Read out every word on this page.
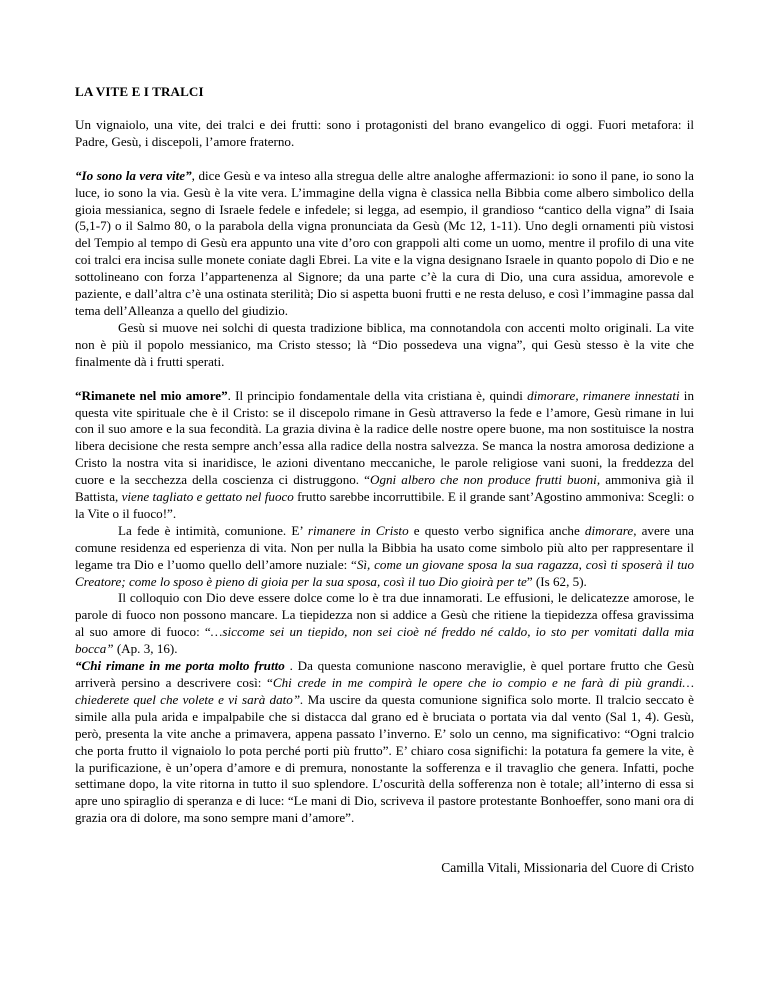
LA VITE E I TRALCI

Un vignaiolo, una vite, dei tralci e dei frutti: sono i protagonisti del brano evangelico di oggi. Fuori metafora: il Padre, Gesù, i discepoli, l’amore fraterno.

“Io sono la vera vite”, dice Gesù e va inteso alla stregua delle altre analoghe affermazioni: io sono il pane, io sono la luce, io sono la via. Gesù è la vite vera. L’immagine della vigna è classica nella Bibbia come albero simbolico della gioia messianica, segno di Israele fedele e infedele; si legga, ad esempio, il grandioso “cantico della vigna” di Isaia (5,1-7) o il Salmo 80, o la parabola della vigna pronunciata da Gesù (Mc 12, 1-11). Uno degli ornamenti più vistosi del Tempio al tempo di Gesù era appunto una vite d’oro con grappoli alti come un uomo, mentre il profilo di una vite coi tralci era incisa sulle monete coniate dagli Ebrei. La vite e la vigna designano Israele in quanto popolo di Dio e ne sottolineano con forza l’appartenenza al Signore; da una parte c’è la cura di Dio, una cura assidua, amorevole e paziente, e dall’altra c’è una ostinata sterilità; Dio si aspetta buoni frutti e ne resta deluso, e così l’immagine passa dal tema dell’Alleanza a quello del giudizio.

Gesù si muove nei solchi di questa tradizione biblica, ma connotandola con accenti molto originali. La vite non è più il popolo messianico, ma Cristo stesso; là “Dio possedeva una vigna”, qui Gesù stesso è la vite che finalmente dà i frutti sperati.

“Rimanete nel mio amore”. Il principio fondamentale della vita cristiana è, quindi dimorare, rimanere innestati in questa vite spirituale che è il Cristo: se il discepolo rimane in Gesù attraverso la fede e l’amore, Gesù rimane in lui con il suo amore e la sua fecondità. La grazia divina è la radice delle nostre opere buone, ma non sostituisce la nostra libera decisione che resta sempre anch’essa alla radice della nostra salvezza. Se manca la nostra amorosa dedizione a Cristo la nostra vita si inaridisce, le azioni diventano meccaniche, le parole religiose vani suoni, la freddezza del cuore e la secchezza della coscienza ci distruggono. “Ogni albero che non produce frutti buoni, ammoniva già il Battista, viene tagliato e gettato nel fuoco frutto sarebbe incorruttibile. E il grande sant’Agostino ammoniva: Scegli: o la Vite o il fuoco!”.

La fede è intimità, comunione. E’ rimanere in Cristo e questo verbo significa anche dimorare, avere una comune residenza ed esperienza di vita. Non per nulla la Bibbia ha usato come simbolo più alto per rappresentare il legame tra Dio e l’uomo quello dell’amore nuziale: “Sì, come un giovane sposa la sua ragazza, così ti sposerà il tuo Creatore; come lo sposo è pieno di gioia per la sua sposa, così il tuo Dio gioirà per te” (Is 62, 5).

Il colloquio con Dio deve essere dolce come lo è tra due innamorati. Le effusioni, le delicatezze amorose, le parole di fuoco non possono mancare. La tiepidezza non si addice a Gesù che ritiene la tiepidezza offesa gravissima al suo amore di fuoco: “…siccome sei un tiepido, non sei cioè né freddo né caldo, io sto per vomitati dalla mia bocca” (Ap. 3, 16).

“Chi rimane in me porta molto frutto . Da questa comunione nascono meraviglie, è quel portare frutto che Gesù arriverà persino a descrivere così: “Chi crede in me compirà le opere che io compio e ne farà di più grandi…chiederete quel che volete e vi sarà dato”. Ma uscire da questa comunione significa solo morte. Il tralcio seccato è simile alla pula arida e impalpabile che si distacca dal grano ed è bruciata o portata via dal vento (Sal 1, 4). Gesù, però, presenta la vite anche a primavera, appena passato l’inverno. E’ solo un cenno, ma significativo: “Ogni tralcio che porta frutto il vignaiolo lo pota perché porti più frutto”. E’ chiaro cosa significhi: la potatura fa gemere la vite, è la purificazione, è un’opera d’amore e di premura, nonostante la sofferenza e il travaglio che genera. Infatti, poche settimane dopo, la vite ritorna in tutto il suo splendore. L’oscurità della sofferenza non è totale; all’interno di essa si apre uno spiraglio di speranza e di luce: “Le mani di Dio, scriveva il pastore protestante Bonhoeffer, sono mani ora di grazia ora di dolore, ma sono sempre mani d’amore”.

Camilla Vitali, Missionaria del Cuore di Cristo
